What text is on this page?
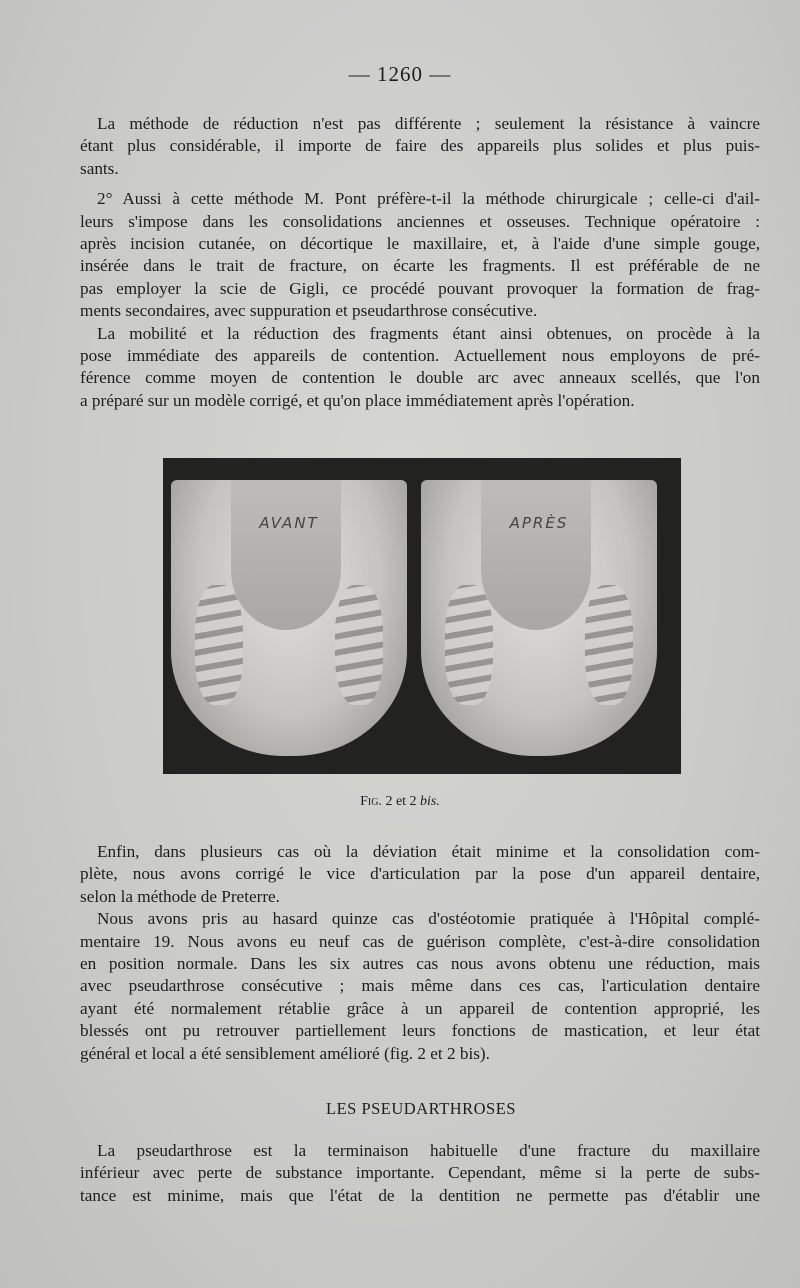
— 1260 —
La méthode de réduction n'est pas différente ; seulement la résistance à vaincre
étant plus considérable, il importe de faire des appareils plus solides et plus puis-
sants.
2° Aussi à cette méthode M. Pont préfère-t-il la méthode chirurgicale ; celle-ci d'ail-
leurs s'impose dans les consolidations anciennes et osseuses. Technique opératoire :
après incision cutanée, on décortique le maxillaire, et, à l'aide d'une simple gouge,
insérée dans le trait de fracture, on écarte les fragments. Il est préférable de ne
pas employer la scie de Gigli, ce procédé pouvant provoquer la formation de frag-
ments secondaires, avec suppuration et pseudarthrose consécutive.
La mobilité et la réduction des fragments étant ainsi obtenues, on procède à la
pose immédiate des appareils de contention. Actuellement nous employons de pré-
férence comme moyen de contention le double arc avec anneaux scellés, que l'on
a préparé sur un modèle corrigé, et qu'on place immédiatement après l'opération.
AVANT	APRÈS
Fig. 2 et 2 bis.
Enfin, dans plusieurs cas où la déviation était minime et la consolidation com-
plète, nous avons corrigé le vice d'articulation par la pose d'un appareil dentaire,
selon la méthode de Preterre.
Nous avons pris au hasard quinze cas d'ostéotomie pratiquée à l'Hôpital complé-
mentaire 19. Nous avons eu neuf cas de guérison complète, c'est-à-dire consolidation
en position normale. Dans les six autres cas nous avons obtenu une réduction, mais
avec pseudarthrose consécutive ; mais même dans ces cas, l'articulation dentaire
ayant été normalement rétablie grâce à un appareil de contention approprié, les
blessés ont pu retrouver partiellement leurs fonctions de mastication, et leur état
général et local a été sensiblement amélioré (fig. 2 et 2 bis).
LES PSEUDARTHROSES
La pseudarthrose est la terminaison habituelle d'une fracture du maxillaire
inférieur avec perte de substance importante. Cependant, même si la perte de subs-
tance est minime, mais que l'état de la dentition ne permette pas d'établir une
